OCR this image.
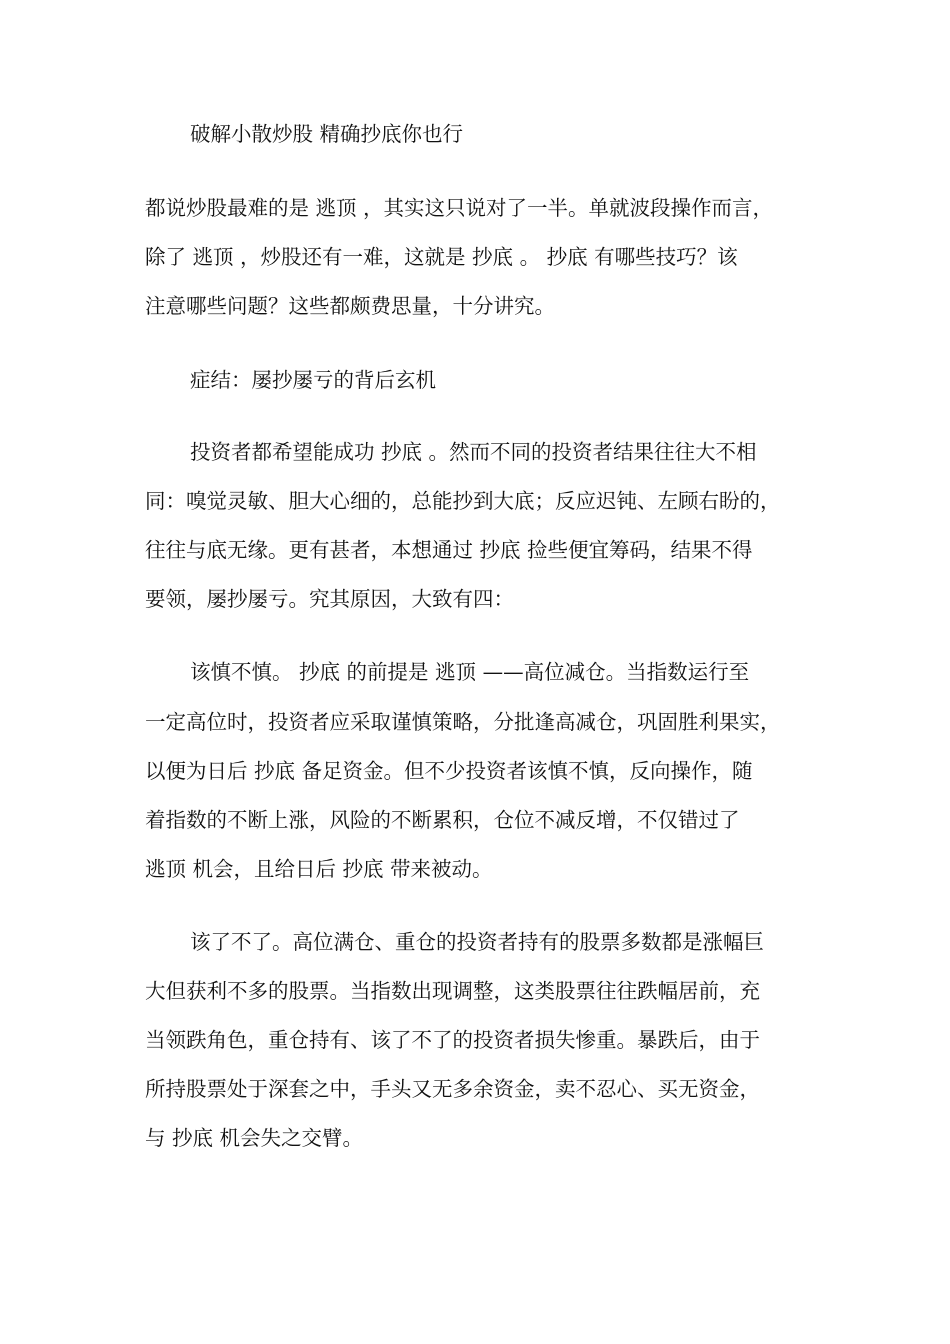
破解小散炒股 精确抄底你也行
都说炒股最难的是 逃顶 ，其实这只说对了一半。单就波段操作而言，
除了 逃顶 ，炒股还有一难，这就是 抄底 。 抄底 有哪些技巧？该
注意哪些问题？这些都颇费思量，十分讲究。
症结：屡抄屡亏的背后玄机
投资者都希望能成功 抄底 。然而不同的投资者结果往往大不相
同：嗅觉灵敏、胆大心细的，总能抄到大底；反应迟钝、左顾右盼的，
往往与底无缘。更有甚者，本想通过 抄底 捡些便宜筹码，结果不得
要领，屡抄屡亏。究其原因，大致有四：
该慎不慎。 抄底 的前提是 逃顶 ——高位减仓。当指数运行至
一定高位时，投资者应采取谨慎策略，分批逢高减仓，巩固胜利果实，
以便为日后 抄底 备足资金。但不少投资者该慎不慎，反向操作，随
着指数的不断上涨，风险的不断累积，仓位不减反增，不仅错过了
逃顶 机会，且给日后 抄底 带来被动。
该了不了。高位满仓、重仓的投资者持有的股票多数都是涨幅巨
大但获利不多的股票。当指数出现调整，这类股票往往跌幅居前，充
当领跌角色，重仓持有、该了不了的投资者损失惨重。暴跌后，由于
所持股票处于深套之中，手头又无多余资金，卖不忍心、买无资金，
与 抄底 机会失之交臂。
